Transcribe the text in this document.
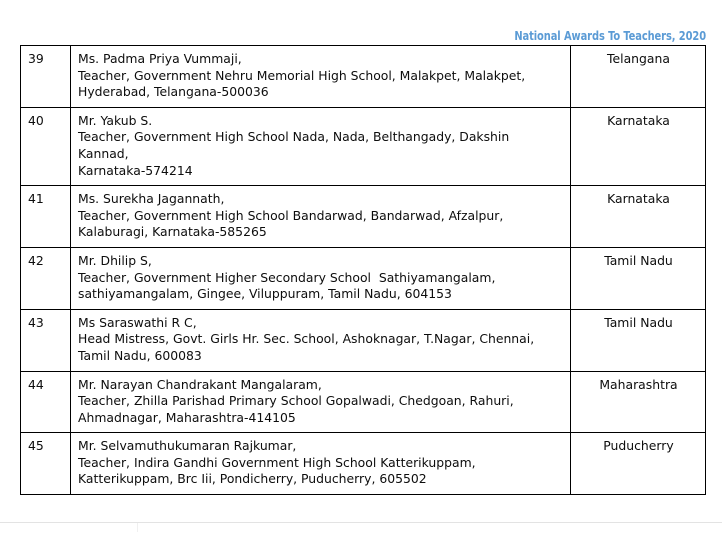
National Awards To Teachers, 2020
39	Ms. Padma Priya Vummaji,
Teacher, Government Nehru Memorial High School, Malakpet, Malakpet,
Hyderabad, Telangana-500036	Telangana
40	Mr. Yakub S.
Teacher, Government High School Nada, Nada, Belthangady, Dakshin
Kannad,
Karnataka-574214	Karnataka
41	Ms. Surekha Jagannath,
Teacher, Government High School Bandarwad, Bandarwad, Afzalpur,
Kalaburagi, Karnataka-585265	Karnataka
42	Mr. Dhilip S,
Teacher, Government Higher Secondary School  Sathiyamangalam,
sathiyamangalam, Gingee, Viluppuram, Tamil Nadu, 604153	Tamil Nadu
43	Ms Saraswathi R C,
Head Mistress, Govt. Girls Hr. Sec. School, Ashoknagar, T.Nagar, Chennai,
Tamil Nadu, 600083	Tamil Nadu
44	Mr. Narayan Chandrakant Mangalaram,
Teacher, Zhilla Parishad Primary School Gopalwadi, Chedgoan, Rahuri,
Ahmadnagar, Maharashtra-414105	Maharashtra
45	Mr. Selvamuthukumaran Rajkumar,
Teacher, Indira Gandhi Government High School Katterikuppam,
Katterikuppam, Brc Iii, Pondicherry, Puducherry, 605502	Puducherry
